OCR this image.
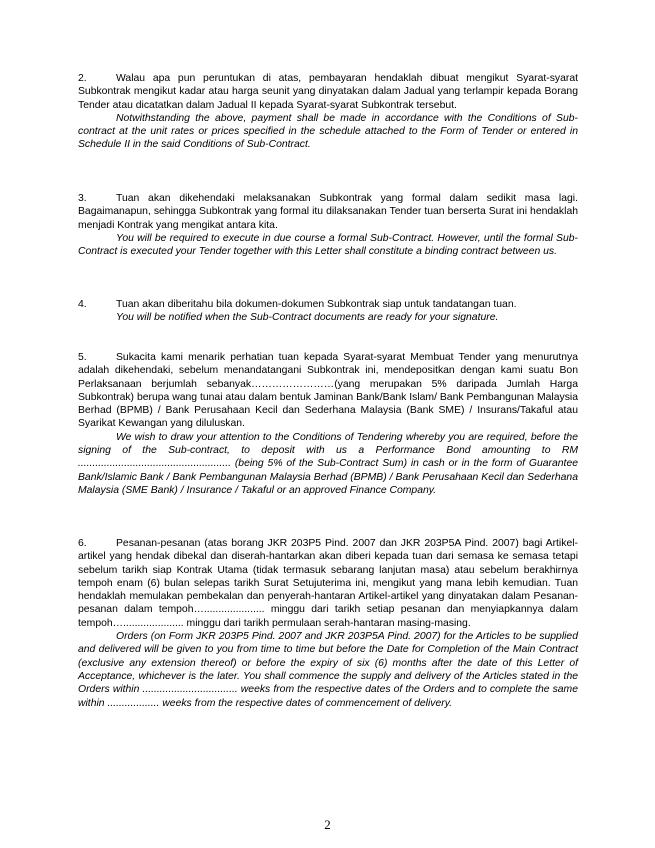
2.	Walau apa pun peruntukan di atas, pembayaran hendaklah dibuat mengikut Syarat-syarat Subkontrak mengikut kadar atau harga seunit yang dinyatakan dalam Jadual yang terlampir kepada Borang Tender atau dicatatkan dalam Jadual II kepada Syarat-syarat Subkontrak tersebut.

Notwithstanding the above, payment shall be made in accordance with the Conditions of Sub-contract at the unit rates or prices specified in the schedule attached to the Form of Tender or entered in Schedule II in the said Conditions of Sub-Contract.

3.	Tuan akan dikehendaki melaksanakan Subkontrak yang formal dalam sedikit masa lagi. Bagaimanapun, sehingga Subkontrak yang formal itu dilaksanakan Tender tuan berserta Surat ini hendaklah menjadi Kontrak yang mengikat antara kita.

You will be required to execute in due course a formal Sub-Contract. However, until the formal Sub-Contract is executed your Tender together with this Letter shall constitute a binding contract between us.

4.	Tuan akan diberitahu bila dokumen-dokumen Subkontrak siap untuk tandatangan tuan.

You will be notified when the Sub-Contract documents are ready for your signature.

5.	Sukacita kami menarik perhatian tuan kepada Syarat-syarat Membuat Tender yang menurutnya adalah dikehendaki, sebelum menandatangani Subkontrak ini, mendepositkan dengan kami suatu Bon Perlaksanaan berjumlah sebanyak……………………(yang merupakan 5% daripada Jumlah Harga Subkontrak) berupa wang tunai atau dalam bentuk Jaminan Bank/Bank Islam/ Bank Pembangunan Malaysia Berhad (BPMB) / Bank Perusahaan Kecil dan Sederhana Malaysia (Bank SME) / Insurans/Takaful atau Syarikat Kewangan yang diluluskan.

We wish to draw your attention to the Conditions of Tendering whereby you are required, before the signing of the Sub-contract, to deposit with us a Performance Bond amounting to RM ..................................................... (being 5% of the Sub-Contract Sum) in cash or in the form of Guarantee Bank/Islamic Bank / Bank Pembangunan Malaysia Berhad (BPMB) / Bank Perusahaan Kecil dan Sederhana Malaysia (SME Bank) / Insurance / Takaful or an approved Finance Company.

6.	Pesanan-pesanan (atas borang JKR 203P5 Pind. 2007 dan JKR 203P5A Pind. 2007) bagi Artikel-artikel yang hendak dibekal dan diserah-hantarkan akan diberi kepada tuan dari semasa ke semasa tetapi sebelum tarikh siap Kontrak Utama (tidak termasuk sebarang lanjutan masa) atau sebelum berakhirnya tempoh enam (6) bulan selepas tarikh Surat Setujuterima ini, mengikut yang mana lebih kemudian. Tuan hendaklah memulakan pembekalan dan penyerah-hantaran Artikel-artikel yang dinyatakan dalam Pesanan-pesanan dalam tempoh…..................... minggu dari tarikh setiap pesanan dan menyiapkannya dalam tempoh…..................... minggu dari tarikh permulaan serah-hantaran masing-masing.

Orders (on Form JKR 203P5 Pind. 2007 and JKR 203P5A Pind. 2007) for the Articles to be supplied and delivered will be given to you from time to time but before the Date for Completion of the Main Contract (exclusive any extension thereof) or before the expiry of six (6) months after the date of this Letter of Acceptance, whichever is the later. You shall commence the supply and delivery of the Articles stated in the Orders within ................................. weeks from the respective dates of the Orders and to complete the same within .................. weeks from the respective dates of commencement of delivery.

2
